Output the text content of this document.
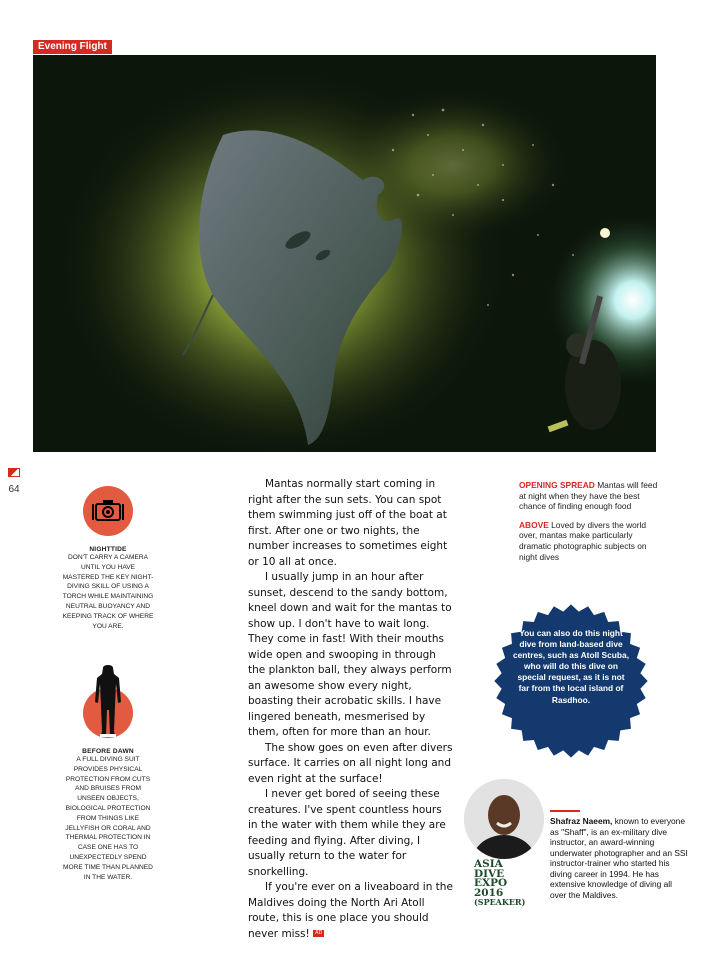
Evening Flight
64
NIGHTTIDE
DON'T CARRY A CAMERA UNTIL YOU HAVE MASTERED THE KEY NIGHT-DIVING SKILL OF USING A TORCH WHILE MAINTAINING NEUTRAL BUOYANCY AND KEEPING TRACK OF WHERE YOU ARE.
BEFORE DAWN
A FULL DIVING SUIT PROVIDES PHYSICAL PROTECTION FROM CUTS AND BRUISES FROM UNSEEN OBJECTS, BIOLOGICAL PROTECTION FROM THINGS LIKE JELLYFISH OR CORAL AND THERMAL PROTECTION IN CASE ONE HAS TO UNEXPECTEDLY SPEND MORE TIME THAN PLANNED IN THE WATER.

Mantas normally start coming in right after the sun sets. You can spot them swimming just off of the boat at first. After one or two nights, the number increases to sometimes eight or 10 all at once.

I usually jump in an hour after sunset, descend to the sandy bottom, kneel down and wait for the mantas to show up. I don't have to wait long. They come in fast! With their mouths wide open and swooping in through the plankton ball, they always perform an awesome show every night, boasting their acrobatic skills. I have lingered beneath, mesmerised by them, often for more than an hour.

The show goes on even after divers surface. It carries on all night long and even right at the surface!

I never get bored of seeing these creatures. I've spent countless hours in the water with them while they are feeding and flying. After diving, I usually return to the water for snorkelling.

If you're ever on a liveaboard in the Maldives doing the North Ari Atoll route, this is one place you should never miss! AD

OPENING SPREAD Mantas will feed at night when they have the best chance of finding enough food

ABOVE Loved by divers the world over, mantas make particularly dramatic photographic subjects on night dives

You can also do this night dive from land-based dive centres, such as Atoll Scuba, who will do this dive on special request, as it is not far from the local island of Rasdhoo.
ASIA
DIVE
EXPO
2016
(SPEAKER)
Shafraz Naeem, known to everyone as "Shaff", is an ex-military dive instructor, an award-winning underwater photographer and an SSI instructor-trainer who started his diving career in 1994. He has extensive knowledge of diving all over the Maldives.
